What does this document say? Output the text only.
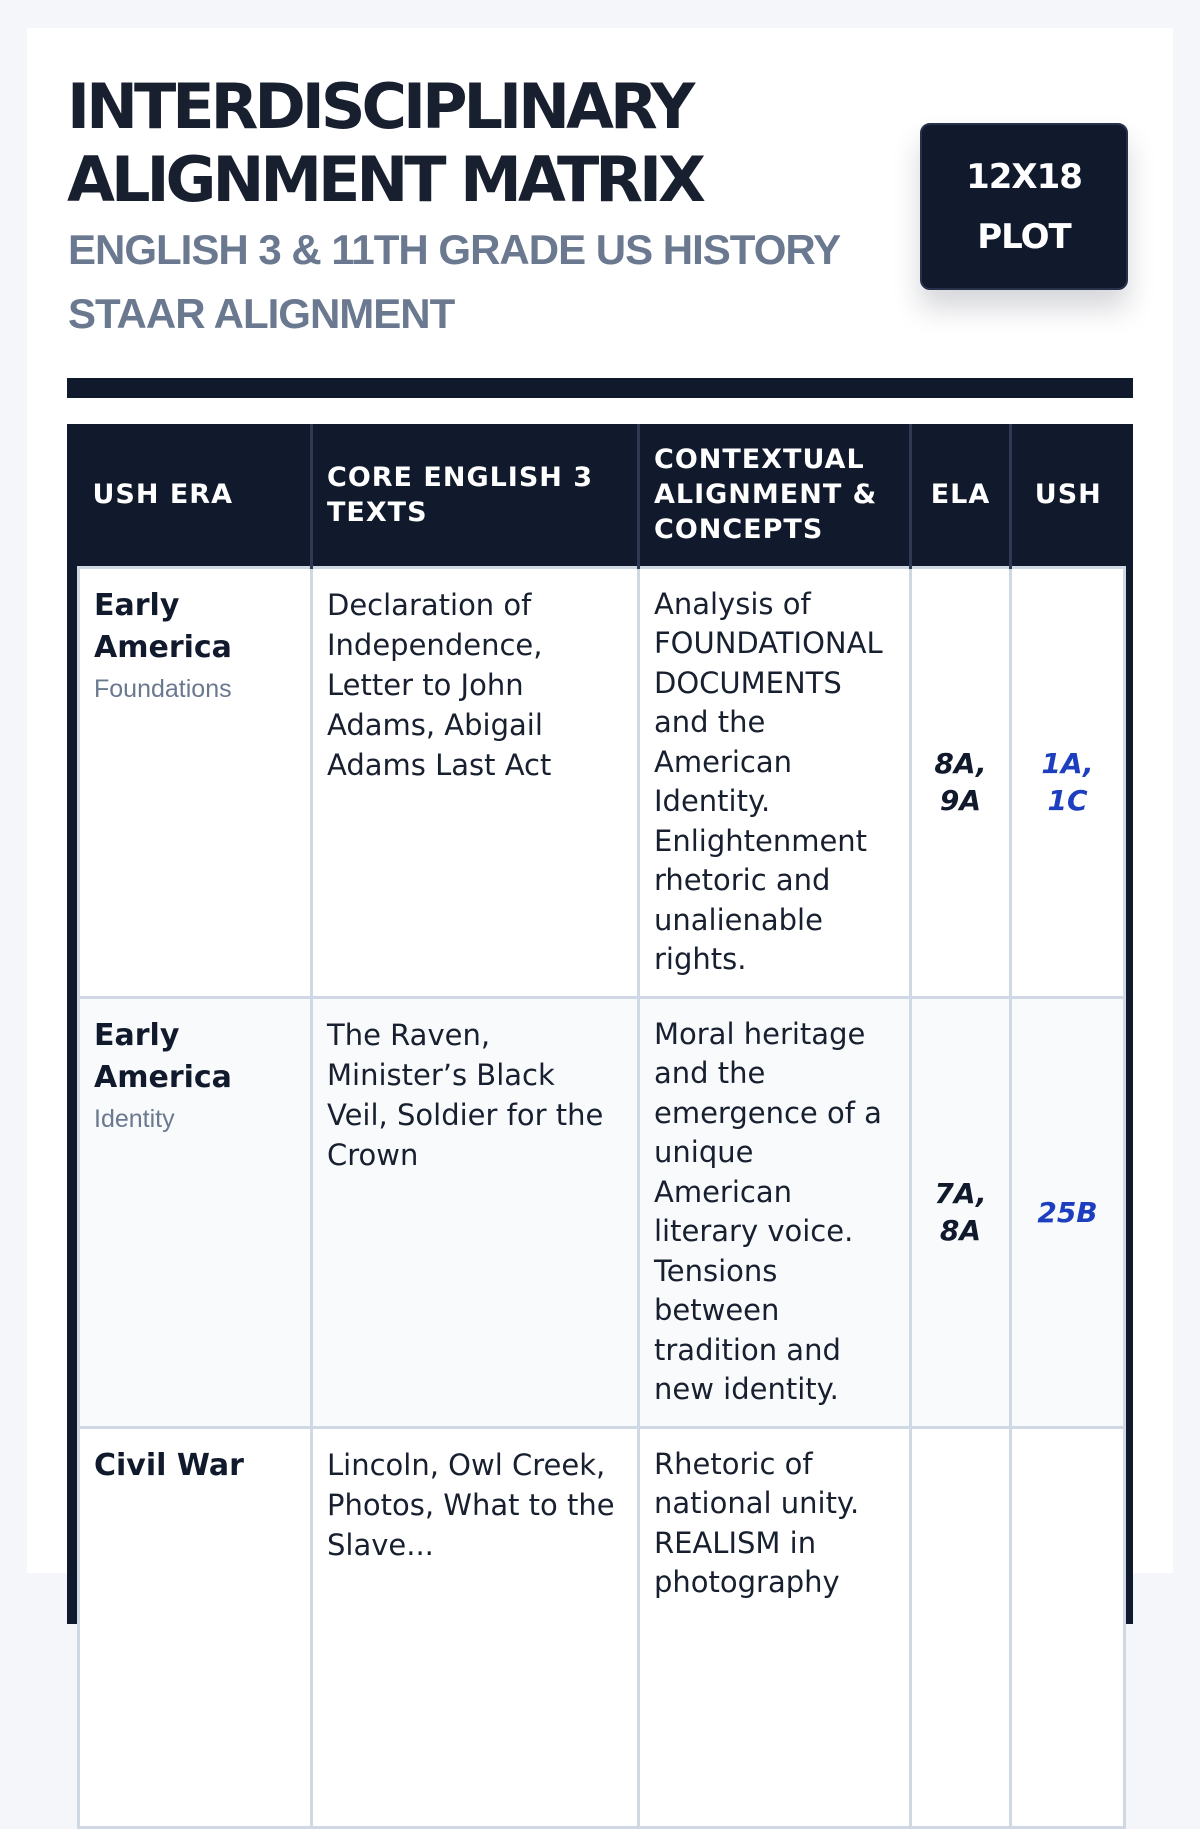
INTERDISCIPLINARY
ALIGNMENT MATRIX
ENGLISH 3 & 11TH GRADE US HISTORY
STAAR ALIGNMENT
12X18
PLOT
USH ERA	CORE ENGLISH 3 TEXTS	CONTEXTUAL ALIGNMENT & CONCEPTS	ELA	USH

Early America
Foundations	Declaration of Independence, Letter to John Adams, Abigail Adams Last Act	Analysis of FOUNDATIONAL DOCUMENTS and the American Identity. Enlightenment rhetoric and unalienable rights.	8A, 9A	1A, 1C

Early America
Identity	The Raven, Minister’s Black Veil, Soldier for the Crown	Moral heritage and the emergence of a unique American literary voice. Tensions between tradition and new identity.	7A, 8A	25B

Civil War	Lincoln, Owl Creek, Photos, What to the Slave...	Rhetoric of national unity. REALISM in photography		
